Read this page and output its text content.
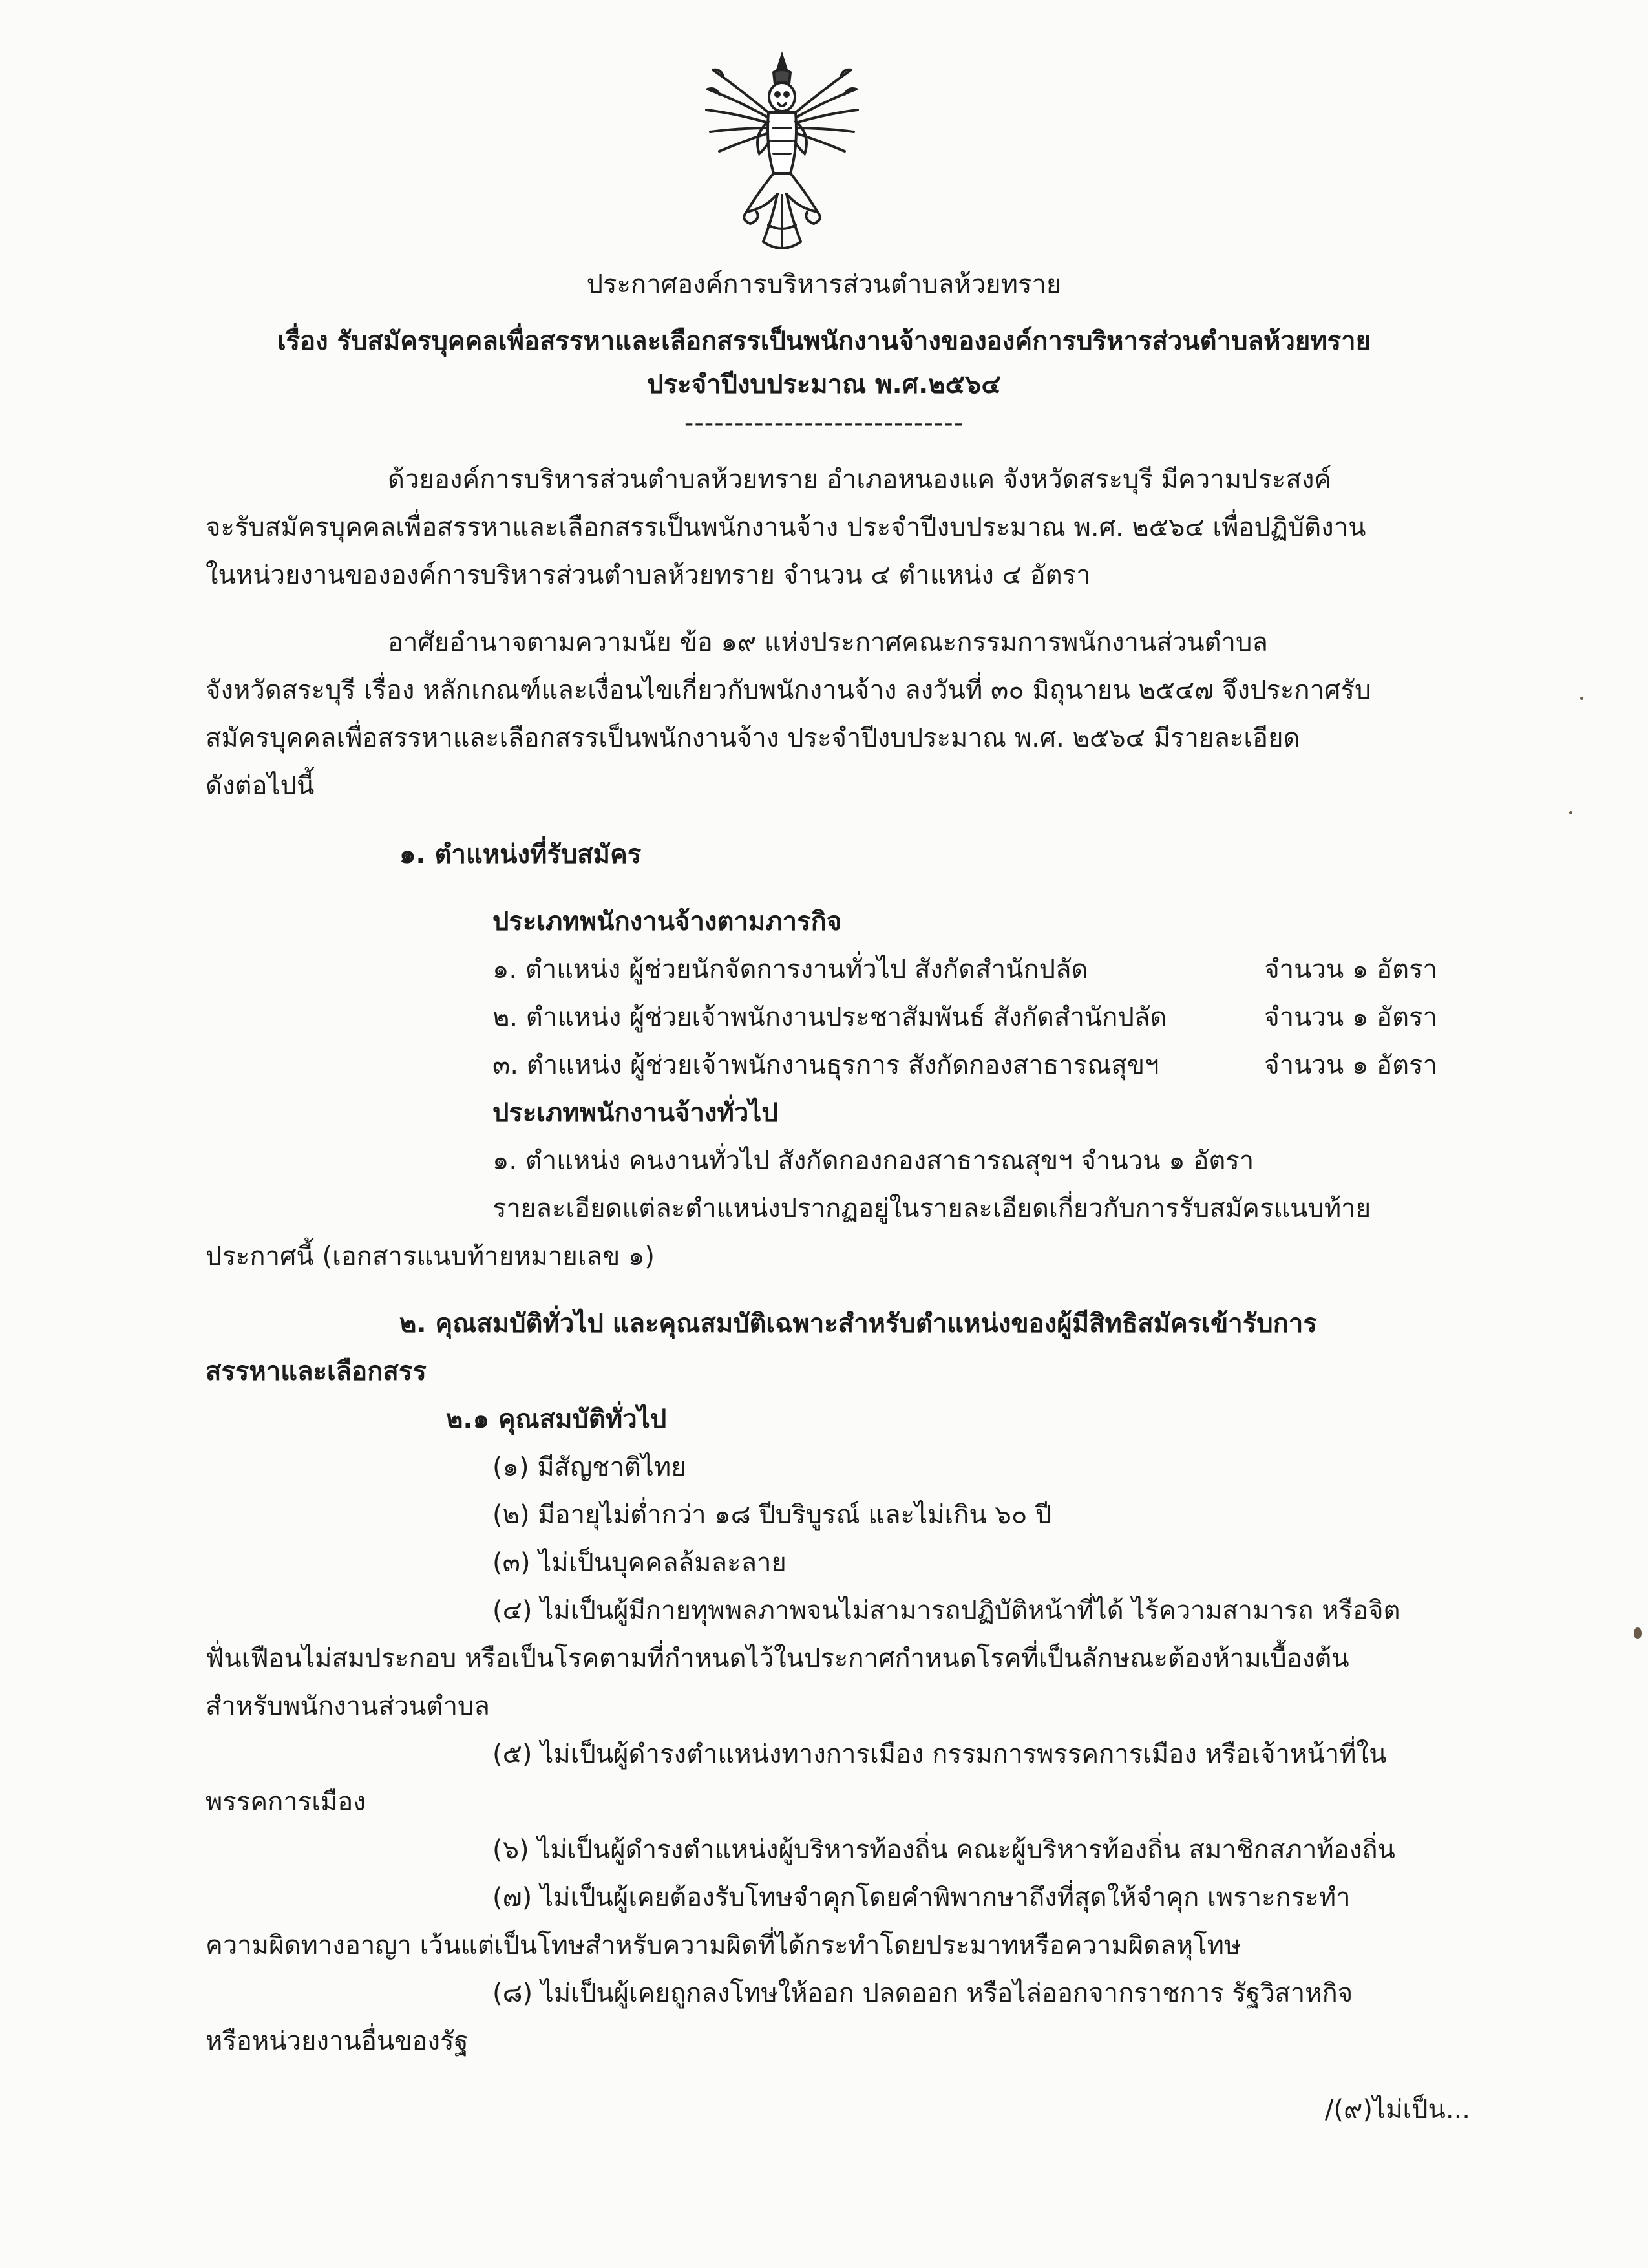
ประกาศองค์การบริหารส่วนตำบลห้วยทราย
เรื่อง รับสมัครบุคคลเพื่อสรรหาและเลือกสรรเป็นพนักงานจ้างขององค์การบริหารส่วนตำบลห้วยทราย
ประจำปีงบประมาณ พ.ศ.๒๕๖๔
----------------------------
ด้วยองค์การบริหารส่วนตำบลห้วยทราย อำเภอหนองแค จังหวัดสระบุรี มีความประสงค์
จะรับสมัครบุคคลเพื่อสรรหาและเลือกสรรเป็นพนักงานจ้าง ประจำปีงบประมาณ พ.ศ. ๒๕๖๔ เพื่อปฏิบัติงาน
ในหน่วยงานขององค์การบริหารส่วนตำบลห้วยทราย จำนวน ๔ ตำแหน่ง ๔ อัตรา
อาศัยอำนาจตามความนัย ข้อ ๑๙ แห่งประกาศคณะกรรมการพนักงานส่วนตำบล
จังหวัดสระบุรี เรื่อง หลักเกณฑ์และเงื่อนไขเกี่ยวกับพนักงานจ้าง ลงวันที่ ๓๐ มิถุนายน ๒๕๔๗ จึงประกาศรับ
สมัครบุคคลเพื่อสรรหาและเลือกสรรเป็นพนักงานจ้าง ประจำปีงบประมาณ พ.ศ. ๒๕๖๔ มีรายละเอียด
ดังต่อไปนี้
๑. ตำแหน่งที่รับสมัคร
ประเภทพนักงานจ้างตามภารกิจ
๑. ตำแหน่ง ผู้ช่วยนักจัดการงานทั่วไป สังกัดสำนักปลัด	จำนวน ๑ อัตรา
๒. ตำแหน่ง ผู้ช่วยเจ้าพนักงานประชาสัมพันธ์ สังกัดสำนักปลัด	จำนวน ๑ อัตรา
๓. ตำแหน่ง ผู้ช่วยเจ้าพนักงานธุรการ สังกัดกองสาธารณสุขฯ	จำนวน ๑ อัตรา
ประเภทพนักงานจ้างทั่วไป
๑. ตำแหน่ง คนงานทั่วไป สังกัดกองกองสาธารณสุขฯ จำนวน ๑ อัตรา
รายละเอียดแต่ละตำแหน่งปรากฏอยู่ในรายละเอียดเกี่ยวกับการรับสมัครแนบท้าย
ประกาศนี้ (เอกสารแนบท้ายหมายเลข ๑)
๒. คุณสมบัติทั่วไป และคุณสมบัติเฉพาะสำหรับตำแหน่งของผู้มีสิทธิสมัครเข้ารับการ
สรรหาและเลือกสรร
๒.๑ คุณสมบัติทั่วไป
(๑) มีสัญชาติไทย
(๒) มีอายุไม่ต่ำกว่า ๑๘ ปีบริบูรณ์ และไม่เกิน ๖๐ ปี
(๓) ไม่เป็นบุคคลล้มละลาย
(๔) ไม่เป็นผู้มีกายทุพพลภาพจนไม่สามารถปฏิบัติหน้าที่ได้ ไร้ความสามารถ หรือจิต
ฟั่นเฟือนไม่สมประกอบ หรือเป็นโรคตามที่กำหนดไว้ในประกาศกำหนดโรคที่เป็นลักษณะต้องห้ามเบื้องต้น
สำหรับพนักงานส่วนตำบล
(๕) ไม่เป็นผู้ดำรงตำแหน่งทางการเมือง กรรมการพรรคการเมือง หรือเจ้าหน้าที่ใน
พรรคการเมือง
(๖) ไม่เป็นผู้ดำรงตำแหน่งผู้บริหารท้องถิ่น คณะผู้บริหารท้องถิ่น สมาชิกสภาท้องถิ่น
(๗) ไม่เป็นผู้เคยต้องรับโทษจำคุกโดยคำพิพากษาถึงที่สุดให้จำคุก เพราะกระทำ
ความผิดทางอาญา เว้นแต่เป็นโทษสำหรับความผิดที่ได้กระทำโดยประมาทหรือความผิดลหุโทษ
(๘) ไม่เป็นผู้เคยถูกลงโทษให้ออก ปลดออก หรือไล่ออกจากราชการ รัฐวิสาหกิจ
หรือหน่วยงานอื่นของรัฐ
/(๙)ไม่เป็น...
